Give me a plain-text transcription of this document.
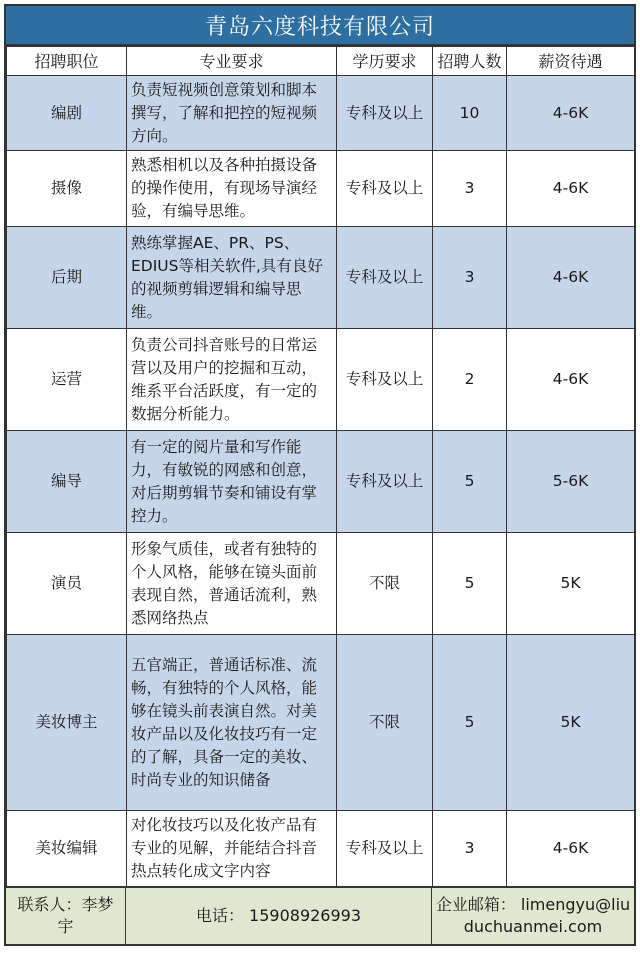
青岛六度科技有限公司
招聘职位	专业要求	学历要求	招聘人数	薪资待遇
编剧	负责短视频创意策划和脚本撰写，了解和把控的短视频方向。	专科及以上	10	4-6K
摄像	熟悉相机以及各种拍摄设备的操作使用，有现场导演经验，有编导思维。	专科及以上	3	4-6K
后期	熟练掌握AE、PR、PS、EDIUS等相关软件,具有良好的视频剪辑逻辑和编导思维。	专科及以上	3	4-6K
运营	负责公司抖音账号的日常运营以及用户的挖掘和互动，维系平台活跃度，有一定的数据分析能力。	专科及以上	2	4-6K
编导	有一定的阅片量和写作能力，有敏锐的网感和创意，对后期剪辑节奏和铺设有掌控力。	专科及以上	5	5-6K
演员	形象气质佳，或者有独特的个人风格，能够在镜头面前表现自然，普通话流利，熟悉网络热点	不限	5	5K
美妆博主	五官端正，普通话标准、流畅，有独特的个人风格，能够在镜头前表演自然。对美妆产品以及化妆技巧有一定的了解，具备一定的美妆、时尚专业的知识储备	不限	5	5K
美妆编辑	对化妆技巧以及化妆产品有专业的见解，并能结合抖音热点转化成文字内容	专科及以上	3	4-6K
联系人：李梦宇
电话： 15908926993
企业邮箱： limengyu@liuduchuanmei.com
